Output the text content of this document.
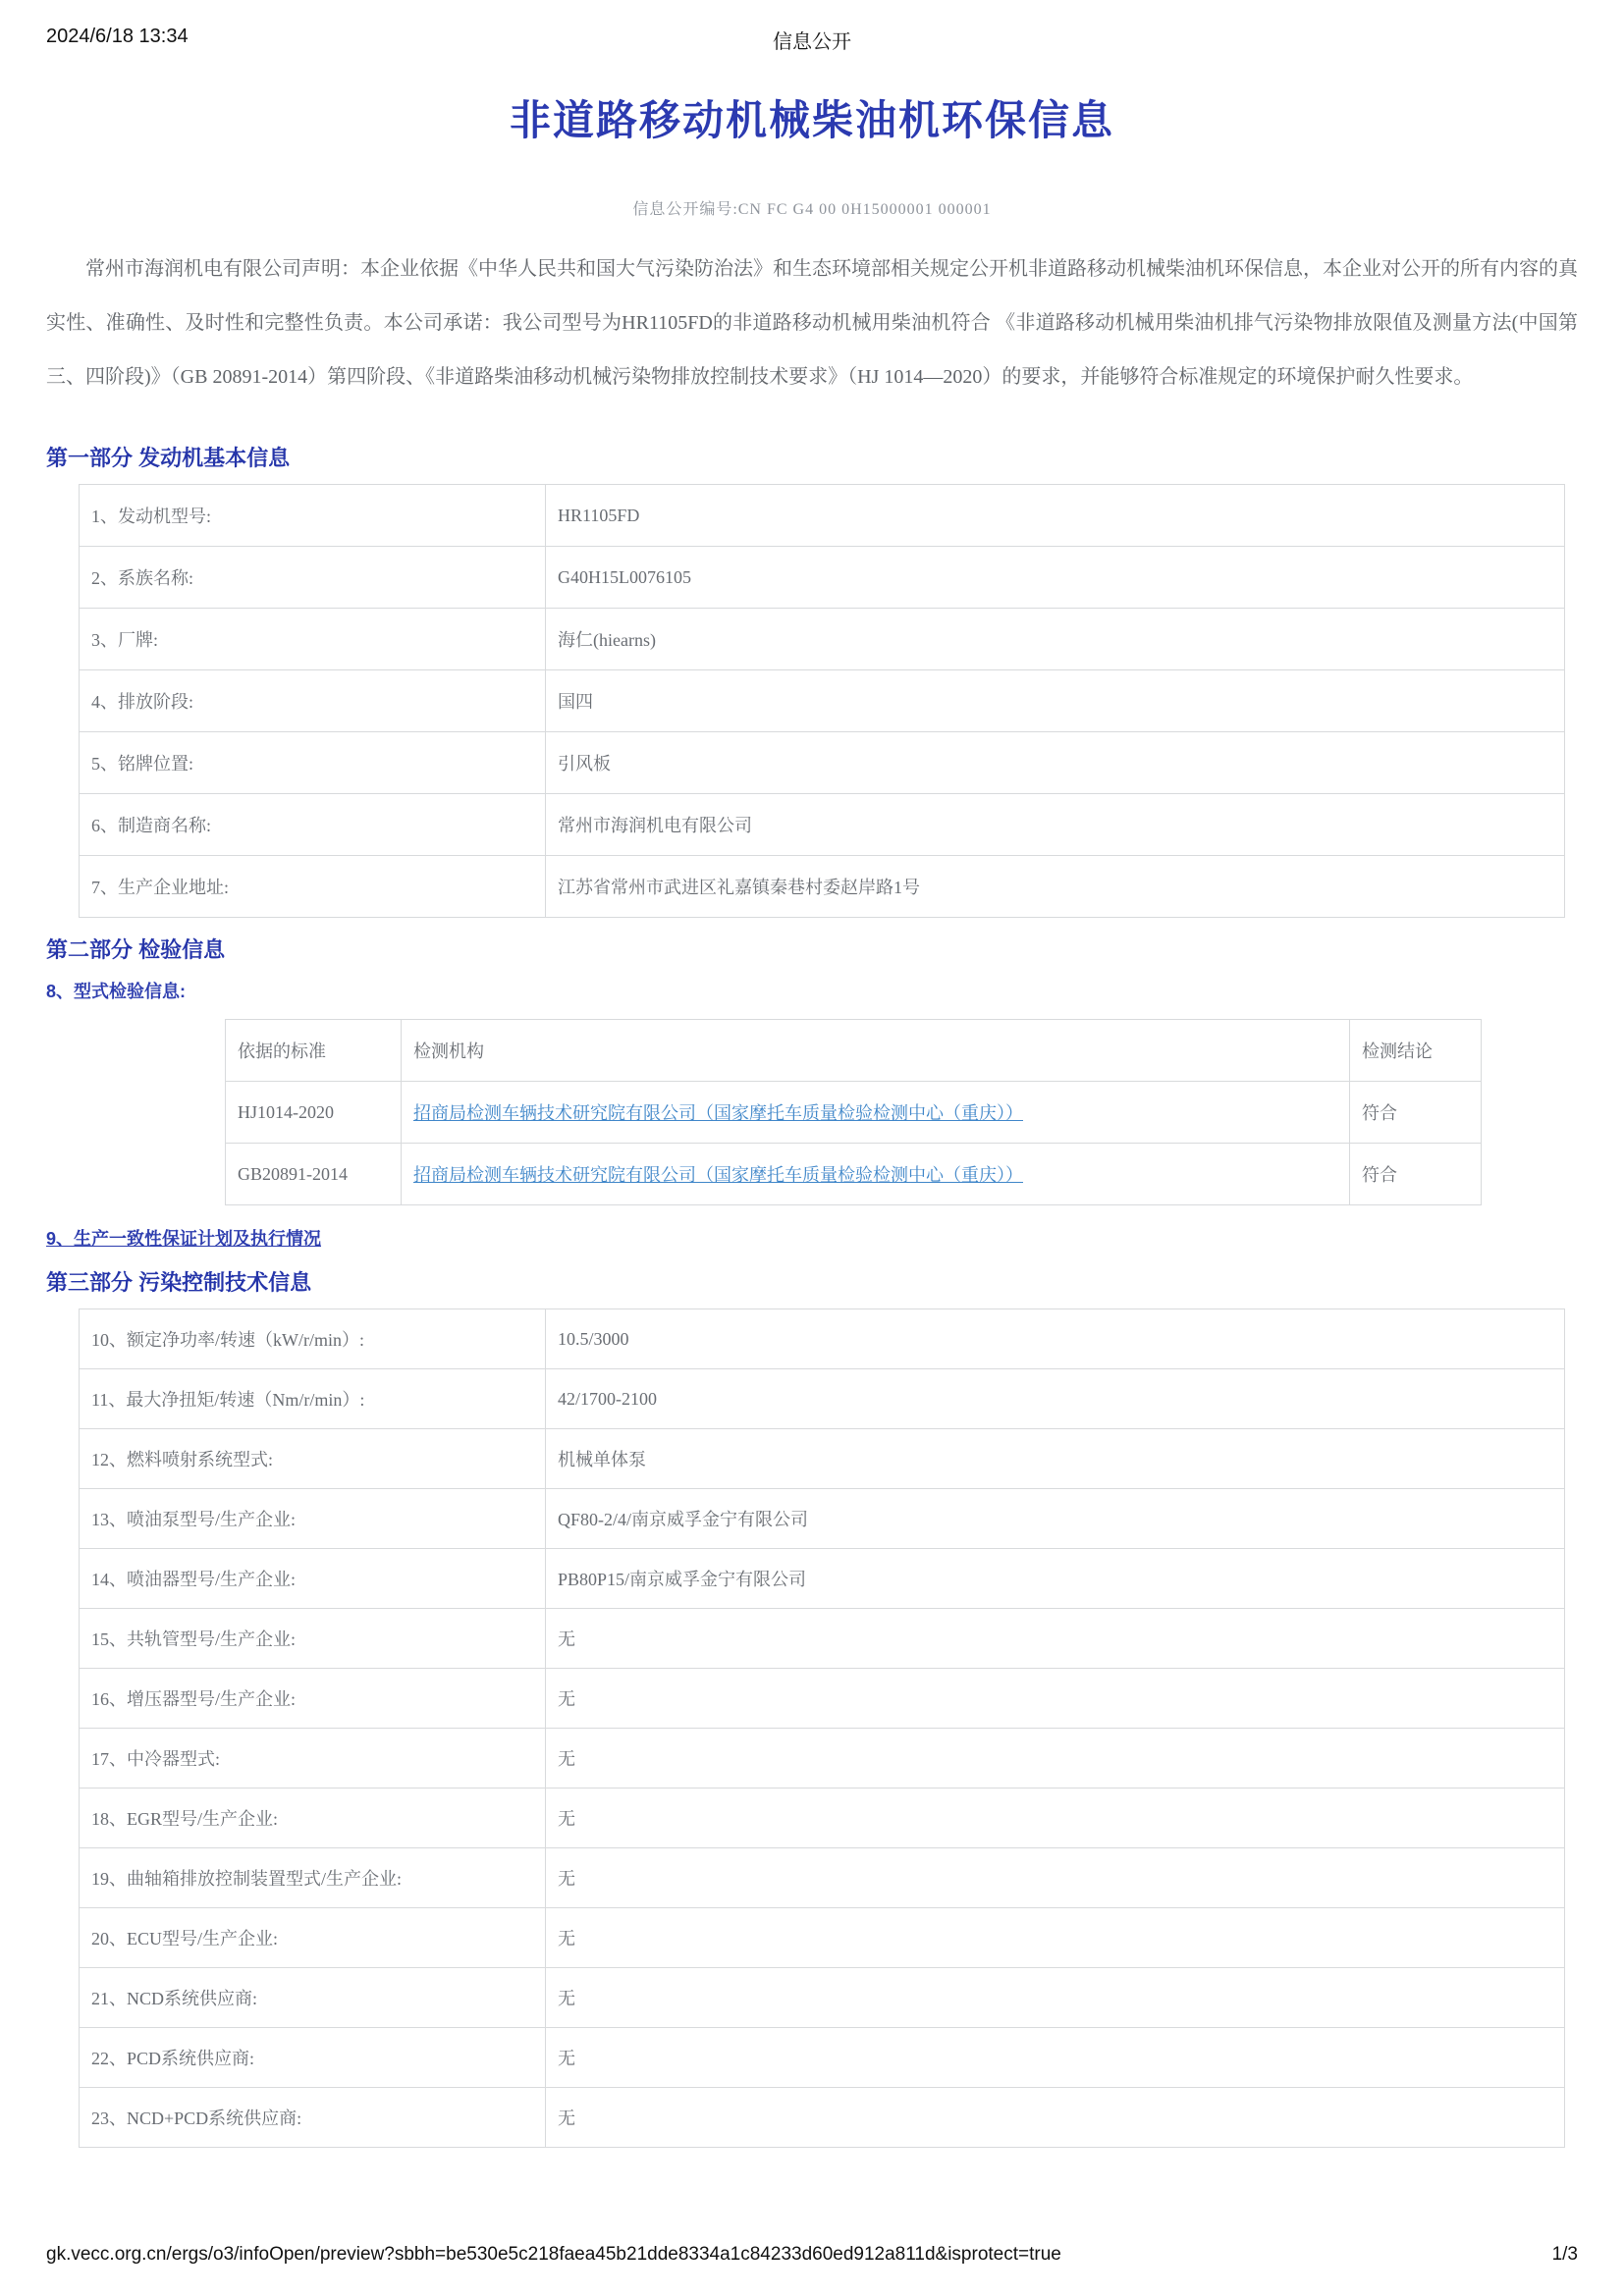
2024/6/18 13:34	信息公开
非道路移动机械柴油机环保信息

信息公开编号:CN FC G4 00 0H15000001 000001

常州市海润机电有限公司声明：本企业依据《中华人民共和国大气污染防治法》和生态环境部相关规定公开机非道路移动机械柴油机环保信息，本企业对公开的所有内容的真实性、准确性、及时性和完整性负责。本公司承诺：我公司型号为HR1105FD的非道路移动机械用柴油机符合 《非道路移动机械用柴油机排气污染物排放限值及测量方法(中国第三、四阶段)》（GB 20891-2014）第四阶段、《非道路柴油移动机械污染物排放控制技术要求》（HJ 1014—2020）的要求，并能够符合标准规定的环境保护耐久性要求。

第一部分 发动机基本信息
1、发动机型号:	HR1105FD
2、系族名称:	G40H15L0076105
3、厂牌:	海仁(hiearns)
4、排放阶段:	国四
5、铭牌位置:	引风板
6、制造商名称:	常州市海润机电有限公司
7、生产企业地址:	江苏省常州市武进区礼嘉镇秦巷村委赵岸路1号
第二部分 检验信息
8、型式检验信息:
依据的标准	检测机构	检测结论
HJ1014-2020	招商局检测车辆技术研究院有限公司（国家摩托车质量检验检测中心（重庆））	符合
GB20891-2014	招商局检测车辆技术研究院有限公司（国家摩托车质量检验检测中心（重庆））	符合
9、生产一致性保证计划及执行情况
第三部分 污染控制技术信息
10、额定净功率/转速（kW/r/min）:	10.5/3000
11、最大净扭矩/转速（Nm/r/min）:	42/1700-2100
12、燃料喷射系统型式:	机械单体泵
13、喷油泵型号/生产企业:	QF80-2/4/南京威孚金宁有限公司
14、喷油器型号/生产企业:	PB80P15/南京威孚金宁有限公司
15、共轨管型号/生产企业:	无
16、增压器型号/生产企业:	无
17、中冷器型式:	无
18、EGR型号/生产企业:	无
19、曲轴箱排放控制装置型式/生产企业:	无
20、ECU型号/生产企业:	无
21、NCD系统供应商:	无
22、PCD系统供应商:	无
23、NCD+PCD系统供应商:	无
gk.vecc.org.cn/ergs/o3/infoOpen/preview?sbbh=be530e5c218faea45b21dde8334a1c84233d60ed912a811d&isprotect=true	1/3
